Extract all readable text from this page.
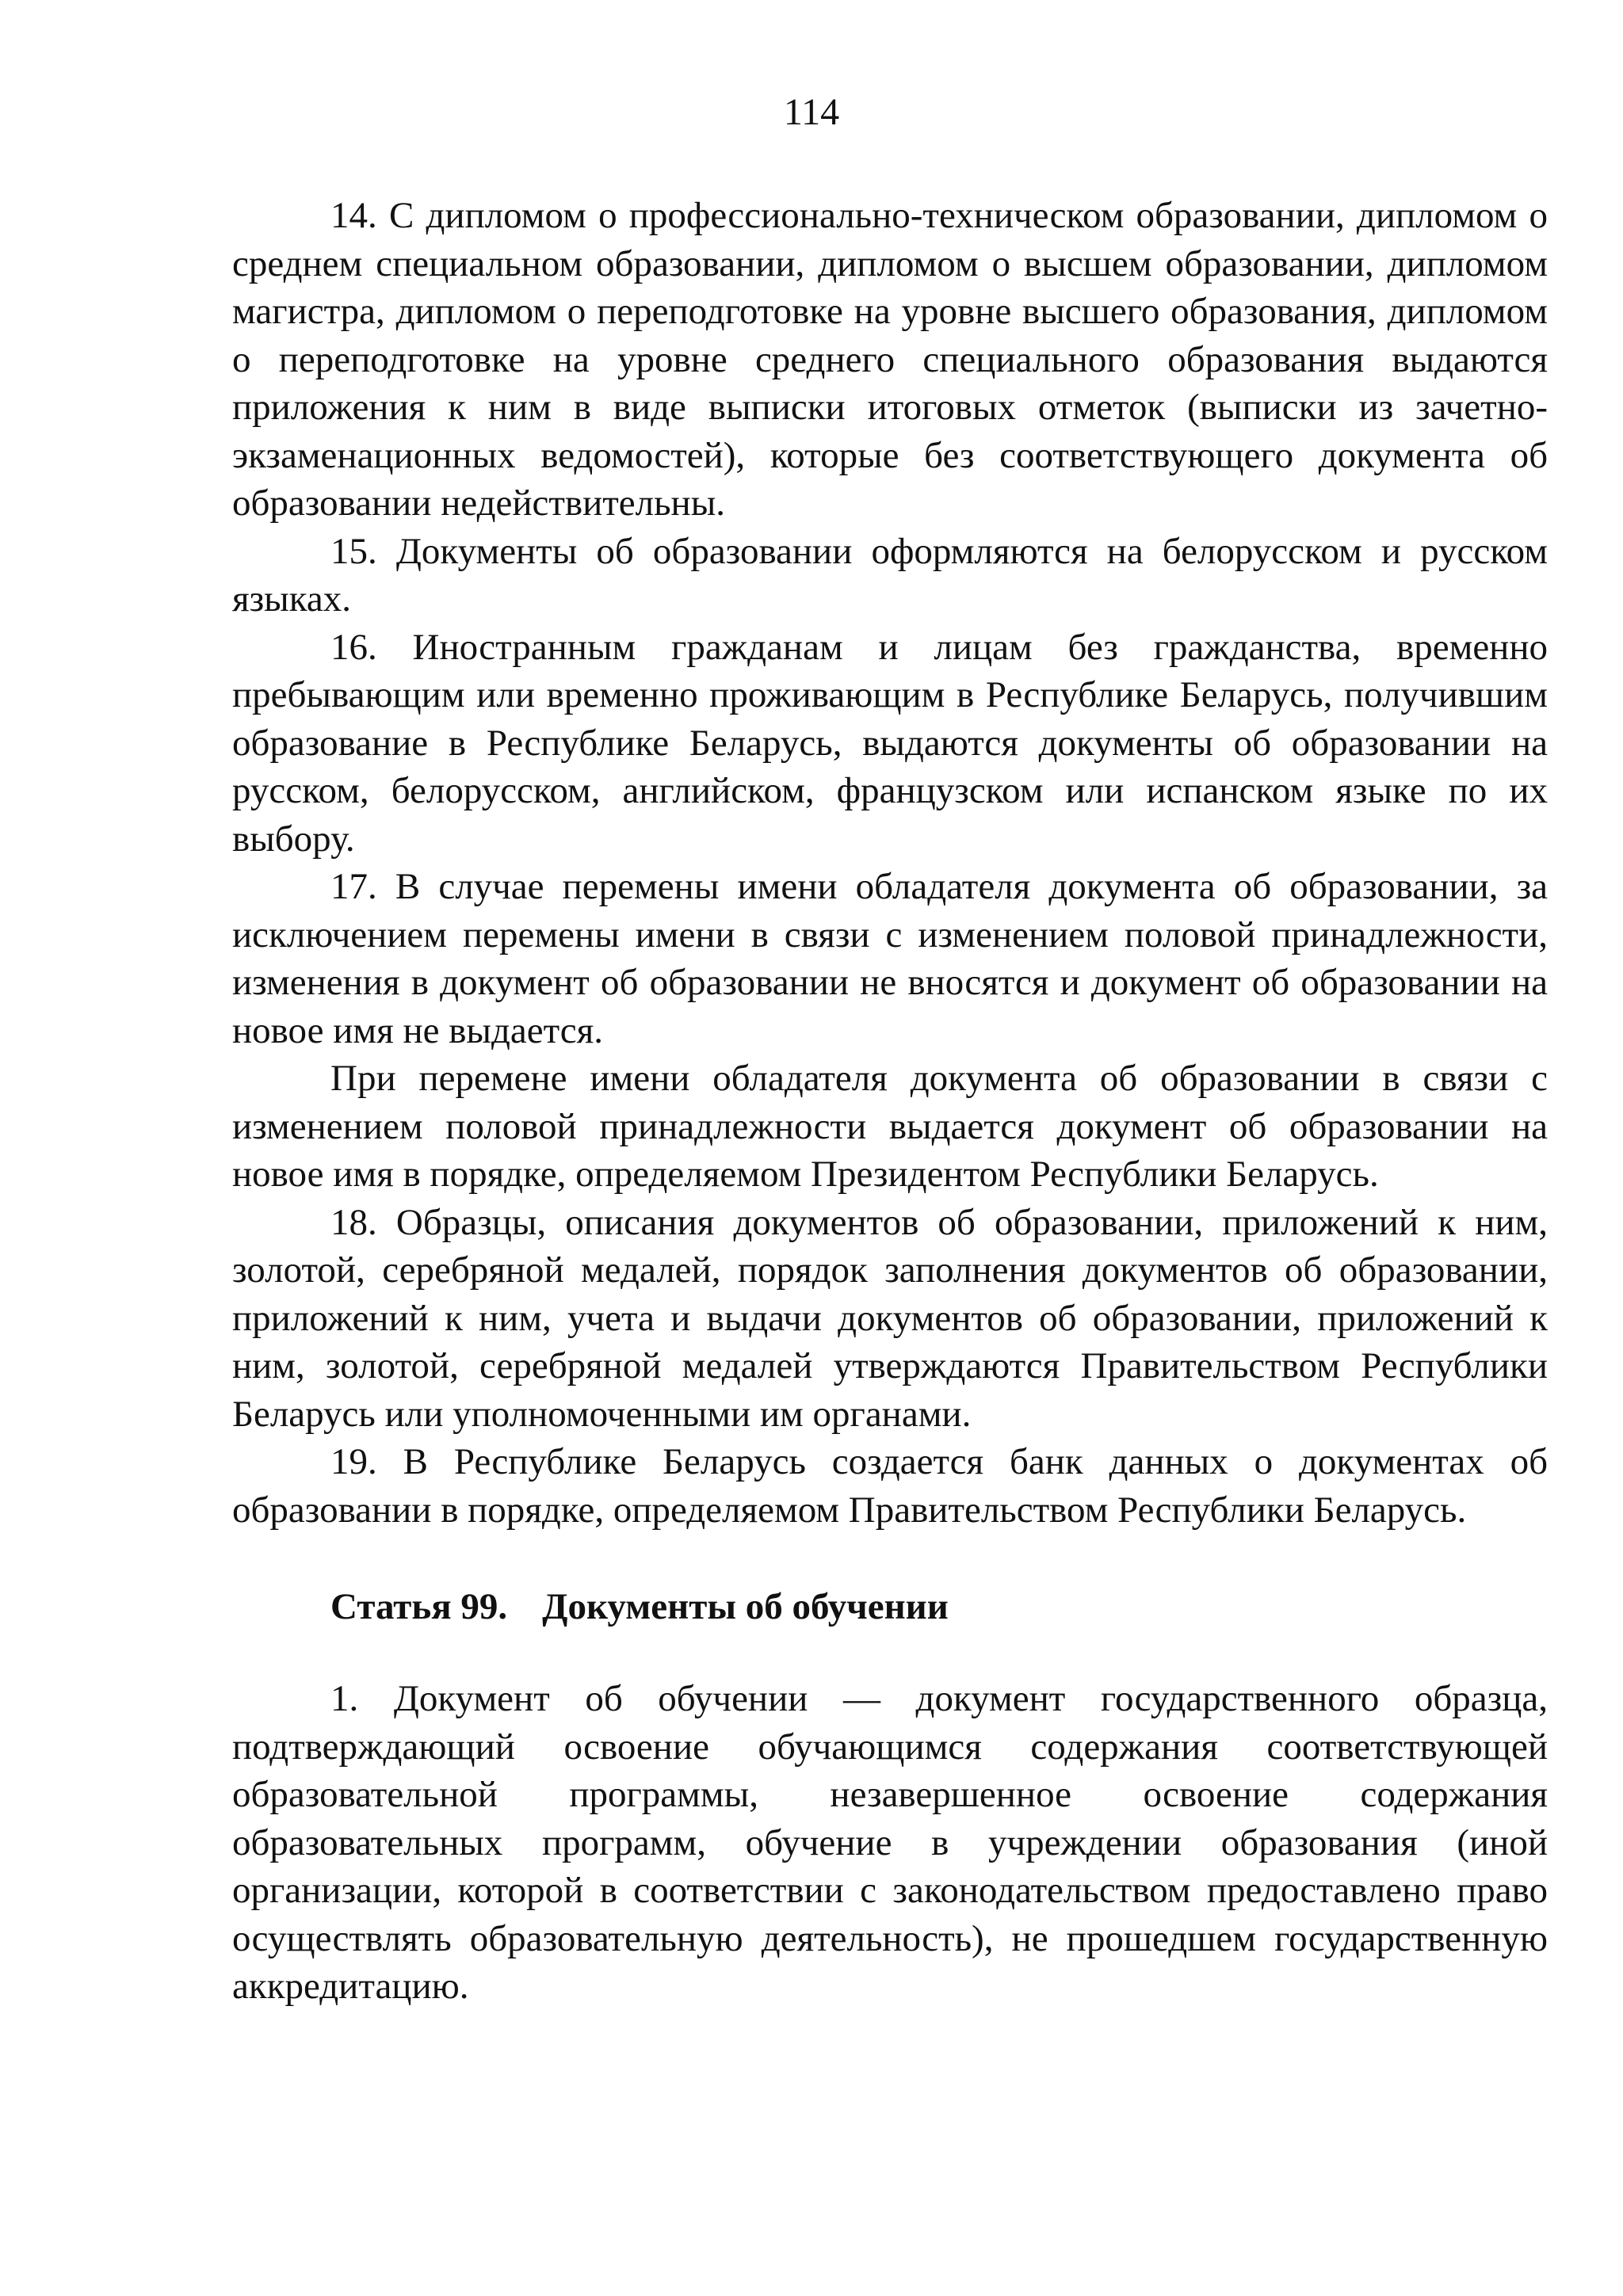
114

14. С дипломом о профессионально-техническом образовании, дипломом о среднем специальном образовании, дипломом о высшем образовании, дипломом магистра, дипломом о переподготовке на уровне высшего образования, дипломом о переподготовке на уровне среднего специального образования выдаются приложения к ним в виде выписки итоговых отметок (выписки из зачетно-экзаменационных ведомостей), которые без соответствующего документа об образовании недействительны.

15. Документы об образовании оформляются на белорусском и русском языках.

16. Иностранным гражданам и лицам без гражданства, временно пребывающим или временно проживающим в Республике Беларусь, получившим образование в Республике Беларусь, выдаются документы об образовании на русском, белорусском, английском, французском или испанском языке по их выбору.

17. В случае перемены имени обладателя документа об образовании, за исключением перемены имени в связи с изменением половой принадлежности, изменения в документ об образовании не вносятся и документ об образовании на новое имя не выдается.

При перемене имени обладателя документа об образовании в связи с изменением половой принадлежности выдается документ об образовании на новое имя в порядке, определяемом Президентом Республики Беларусь.

18. Образцы, описания документов об образовании, приложений к ним, золотой, серебряной медалей, порядок заполнения документов об образовании, приложений к ним, учета и выдачи документов об образовании, приложений к ним, золотой, серебряной медалей утверждаются Правительством Республики Беларусь или уполномоченными им органами.

19. В Республике Беларусь создается банк данных о документах об образовании в порядке, определяемом Правительством Республики Беларусь.

Статья 99. Документы об обучении

1. Документ об обучении — документ государственного образца, подтверждающий освоение обучающимся содержания соответствующей образовательной программы, незавершенное освоение содержания образовательных программ, обучение в учреждении образования (иной организации, которой в соответствии с законодательством предоставлено право осуществлять образовательную деятельность), не прошедшем государственную аккредитацию.
